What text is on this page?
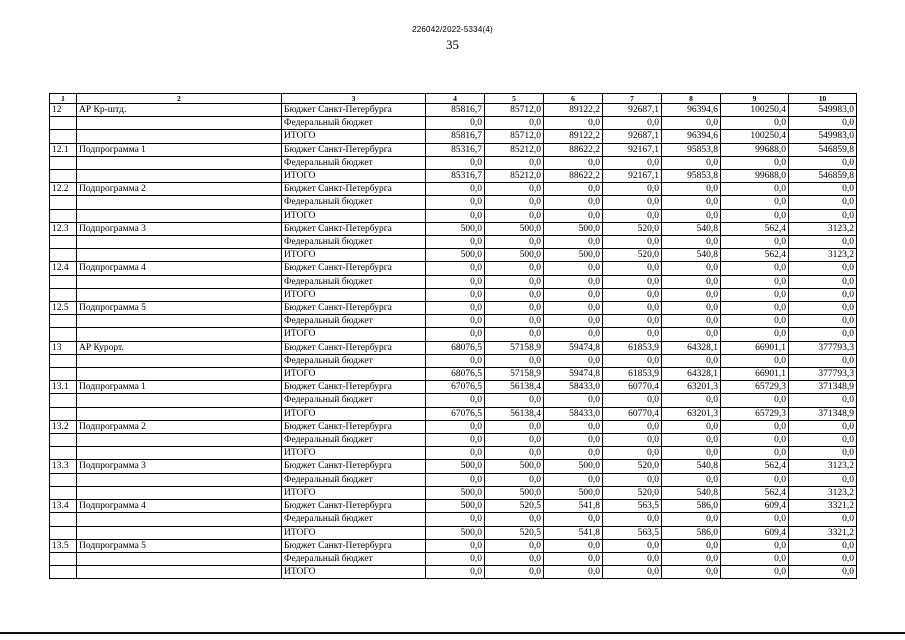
226042/2022-5334(4)
35
1	2	3	4	5	6	7	8	9	10
12	АР Кр-штд.	Бюджет Санкт-Петербурга	85816,7	85712,0	89122,2	92687,1	96394,6	100250,4	549983,0
		Федеральный бюджет	0,0	0,0	0,0	0,0	0,0	0,0	0,0
		ИТОГО	85816,7	85712,0	89122,2	92687,1	96394,6	100250,4	549983,0
12.1	Подпрограмма 1	Бюджет Санкт-Петербурга	85316,7	85212,0	88622,2	92167,1	95853,8	99688,0	546859,8
		Федеральный бюджет	0,0	0,0	0,0	0,0	0,0	0,0	0,0
		ИТОГО	85316,7	85212,0	88622,2	92167,1	95853,8	99688,0	546859,8
12.2	Подпрограмма 2	Бюджет Санкт-Петербурга	0,0	0,0	0,0	0,0	0,0	0,0	0,0
		Федеральный бюджет	0,0	0,0	0,0	0,0	0,0	0,0	0,0
		ИТОГО	0,0	0,0	0,0	0,0	0,0	0,0	0,0
12.3	Подпрограмма 3	Бюджет Санкт-Петербурга	500,0	500,0	500,0	520,0	540,8	562,4	3123,2
		Федеральный бюджет	0,0	0,0	0,0	0,0	0,0	0,0	0,0
		ИТОГО	500,0	500,0	500,0	520,0	540,8	562,4	3123,2
12.4	Подпрограмма 4	Бюджет Санкт-Петербурга	0,0	0,0	0,0	0,0	0,0	0,0	0,0
		Федеральный бюджет	0,0	0,0	0,0	0,0	0,0	0,0	0,0
		ИТОГО	0,0	0,0	0,0	0,0	0,0	0,0	0,0
12.5	Подпрограмма 5	Бюджет Санкт-Петербурга	0,0	0,0	0,0	0,0	0,0	0,0	0,0
		Федеральный бюджет	0,0	0,0	0,0	0,0	0,0	0,0	0,0
		ИТОГО	0,0	0,0	0,0	0,0	0,0	0,0	0,0
13	АР Курорт.	Бюджет Санкт-Петербурга	68076,5	57158,9	59474,8	61853,9	64328,1	66901,1	377793,3
		Федеральный бюджет	0,0	0,0	0,0	0,0	0,0	0,0	0,0
		ИТОГО	68076,5	57158,9	59474,8	61853,9	64328,1	66901,1	377793,3
13.1	Подпрограмма 1	Бюджет Санкт-Петербурга	67076,5	56138,4	58433,0	60770,4	63201,3	65729,3	371348,9
		Федеральный бюджет	0,0	0,0	0,0	0,0	0,0	0,0	0,0
		ИТОГО	67076,5	56138,4	58433,0	60770,4	63201,3	65729,3	371348,9
13.2	Подпрограмма 2	Бюджет Санкт-Петербурга	0,0	0,0	0,0	0,0	0,0	0,0	0,0
		Федеральный бюджет	0,0	0,0	0,0	0,0	0,0	0,0	0,0
		ИТОГО	0,0	0,0	0,0	0,0	0,0	0,0	0,0
13.3	Подпрограмма 3	Бюджет Санкт-Петербурга	500,0	500,0	500,0	520,0	540,8	562,4	3123,2
		Федеральный бюджет	0,0	0,0	0,0	0,0	0,0	0,0	0,0
		ИТОГО	500,0	500,0	500,0	520,0	540,8	562,4	3123,2
13.4	Подпрограмма 4	Бюджет Санкт-Петербурга	500,0	520,5	541,8	563,5	586,0	609,4	3321,2
		Федеральный бюджет	0,0	0,0	0,0	0,0	0,0	0,0	0,0
		ИТОГО	500,0	520,5	541,8	563,5	586,0	609,4	3321,2
13.5	Подпрограмма 5	Бюджет Санкт-Петербурга	0,0	0,0	0,0	0,0	0,0	0,0	0,0
		Федеральный бюджет	0,0	0,0	0,0	0,0	0,0	0,0	0,0
		ИТОГО	0,0	0,0	0,0	0,0	0,0	0,0	0,0
